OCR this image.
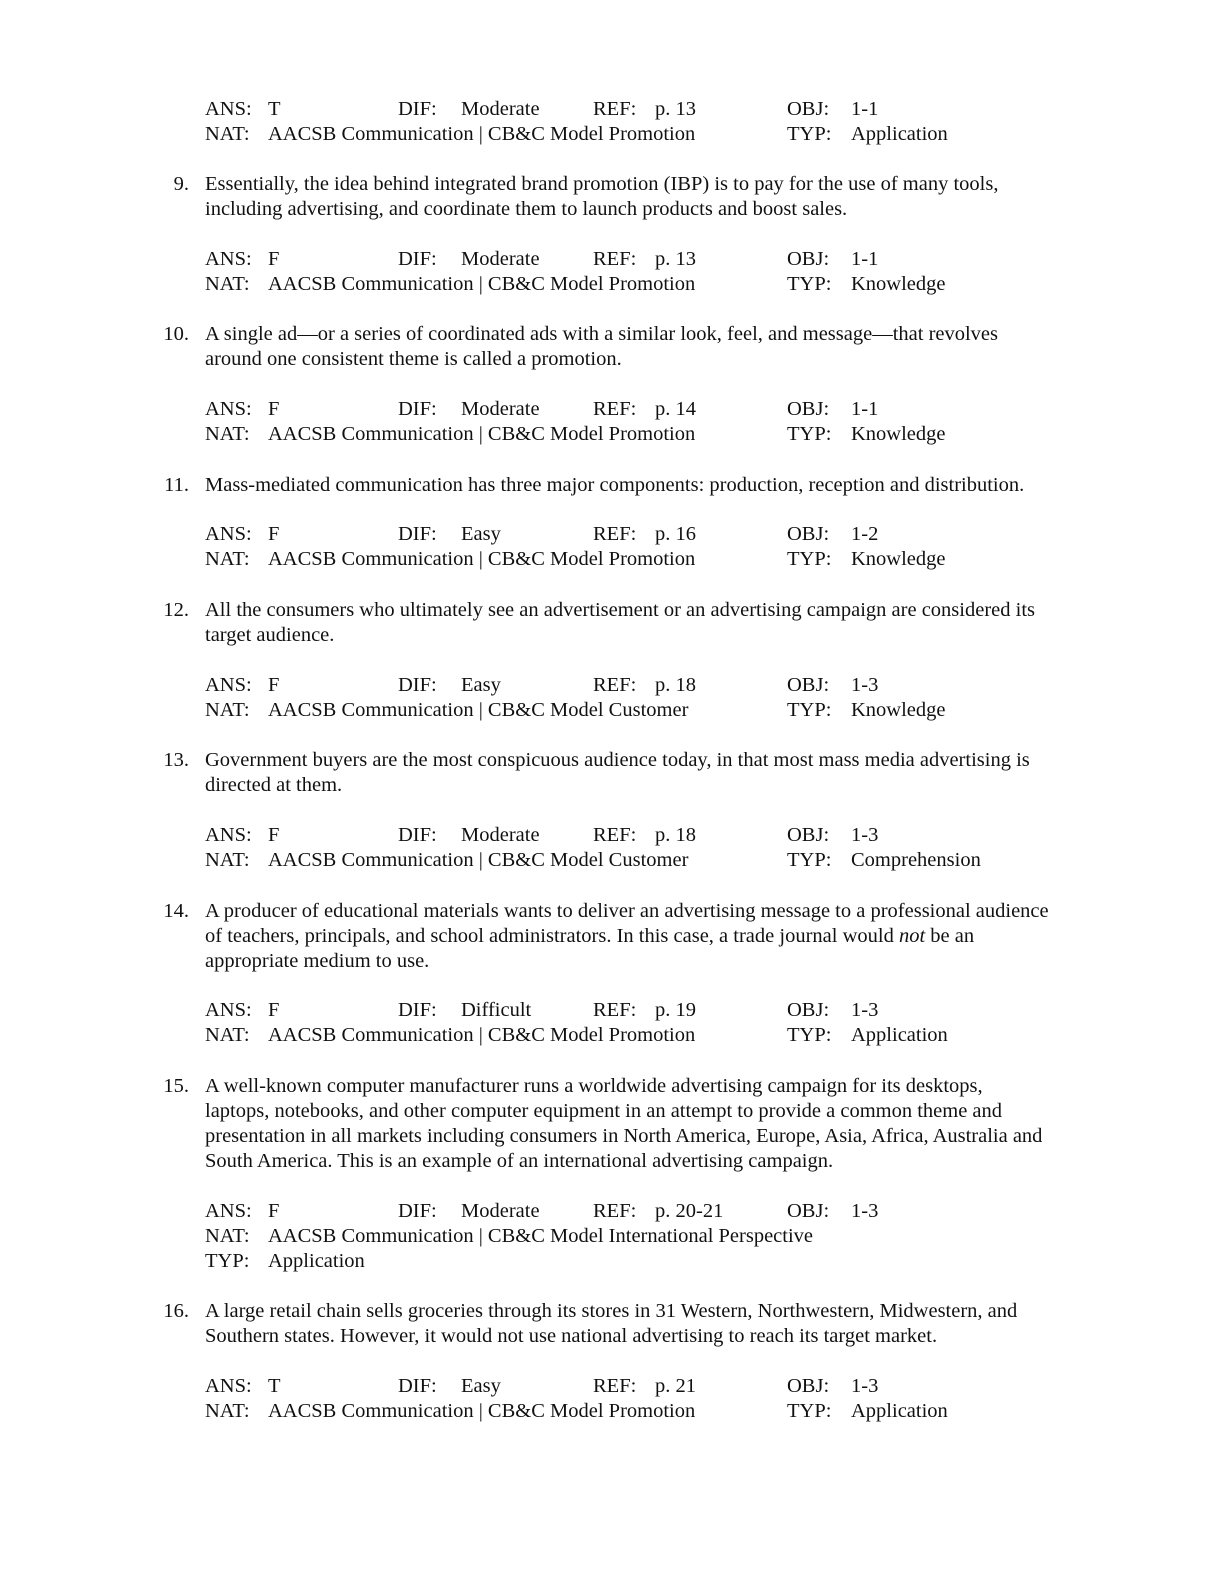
ANS: T	DIF: Moderate	REF: p. 13	OBJ: 1-1
NAT: AACSB Communication | CB&C Model Promotion	TYP: Application
9. Essentially, the idea behind integrated brand promotion (IBP) is to pay for the use of many tools,
including advertising, and coordinate them to launch products and boost sales.
ANS: F	DIF: Moderate	REF: p. 13	OBJ: 1-1
NAT: AACSB Communication | CB&C Model Promotion	TYP: Knowledge
10. A single ad—or a series of coordinated ads with a similar look, feel, and message—that revolves
around one consistent theme is called a promotion.
ANS: F	DIF: Moderate	REF: p. 14	OBJ: 1-1
NAT: AACSB Communication | CB&C Model Promotion	TYP: Knowledge
11. Mass-mediated communication has three major components: production, reception and distribution.
ANS: F	DIF: Easy	REF: p. 16	OBJ: 1-2
NAT: AACSB Communication | CB&C Model Promotion	TYP: Knowledge
12. All the consumers who ultimately see an advertisement or an advertising campaign are considered its
target audience.
ANS: F	DIF: Easy	REF: p. 18	OBJ: 1-3
NAT: AACSB Communication | CB&C Model Customer	TYP: Knowledge
13. Government buyers are the most conspicuous audience today, in that most mass media advertising is
directed at them.
ANS: F	DIF: Moderate	REF: p. 18	OBJ: 1-3
NAT: AACSB Communication | CB&C Model Customer	TYP: Comprehension
14. A producer of educational materials wants to deliver an advertising message to a professional audience
of teachers, principals, and school administrators. In this case, a trade journal would not be an
appropriate medium to use.
ANS: F	DIF: Difficult	REF: p. 19	OBJ: 1-3
NAT: AACSB Communication | CB&C Model Promotion	TYP: Application
15. A well-known computer manufacturer runs a worldwide advertising campaign for its desktops,
laptops, notebooks, and other computer equipment in an attempt to provide a common theme and
presentation in all markets including consumers in North America, Europe, Asia, Africa, Australia and
South America. This is an example of an international advertising campaign.
ANS: F	DIF: Moderate	REF: p. 20-21	OBJ: 1-3
NAT: AACSB Communication | CB&C Model International Perspective
TYP: Application
16. A large retail chain sells groceries through its stores in 31 Western, Northwestern, Midwestern, and
Southern states. However, it would not use national advertising to reach its target market.
ANS: T	DIF: Easy	REF: p. 21	OBJ: 1-3
NAT: AACSB Communication | CB&C Model Promotion	TYP: Application
